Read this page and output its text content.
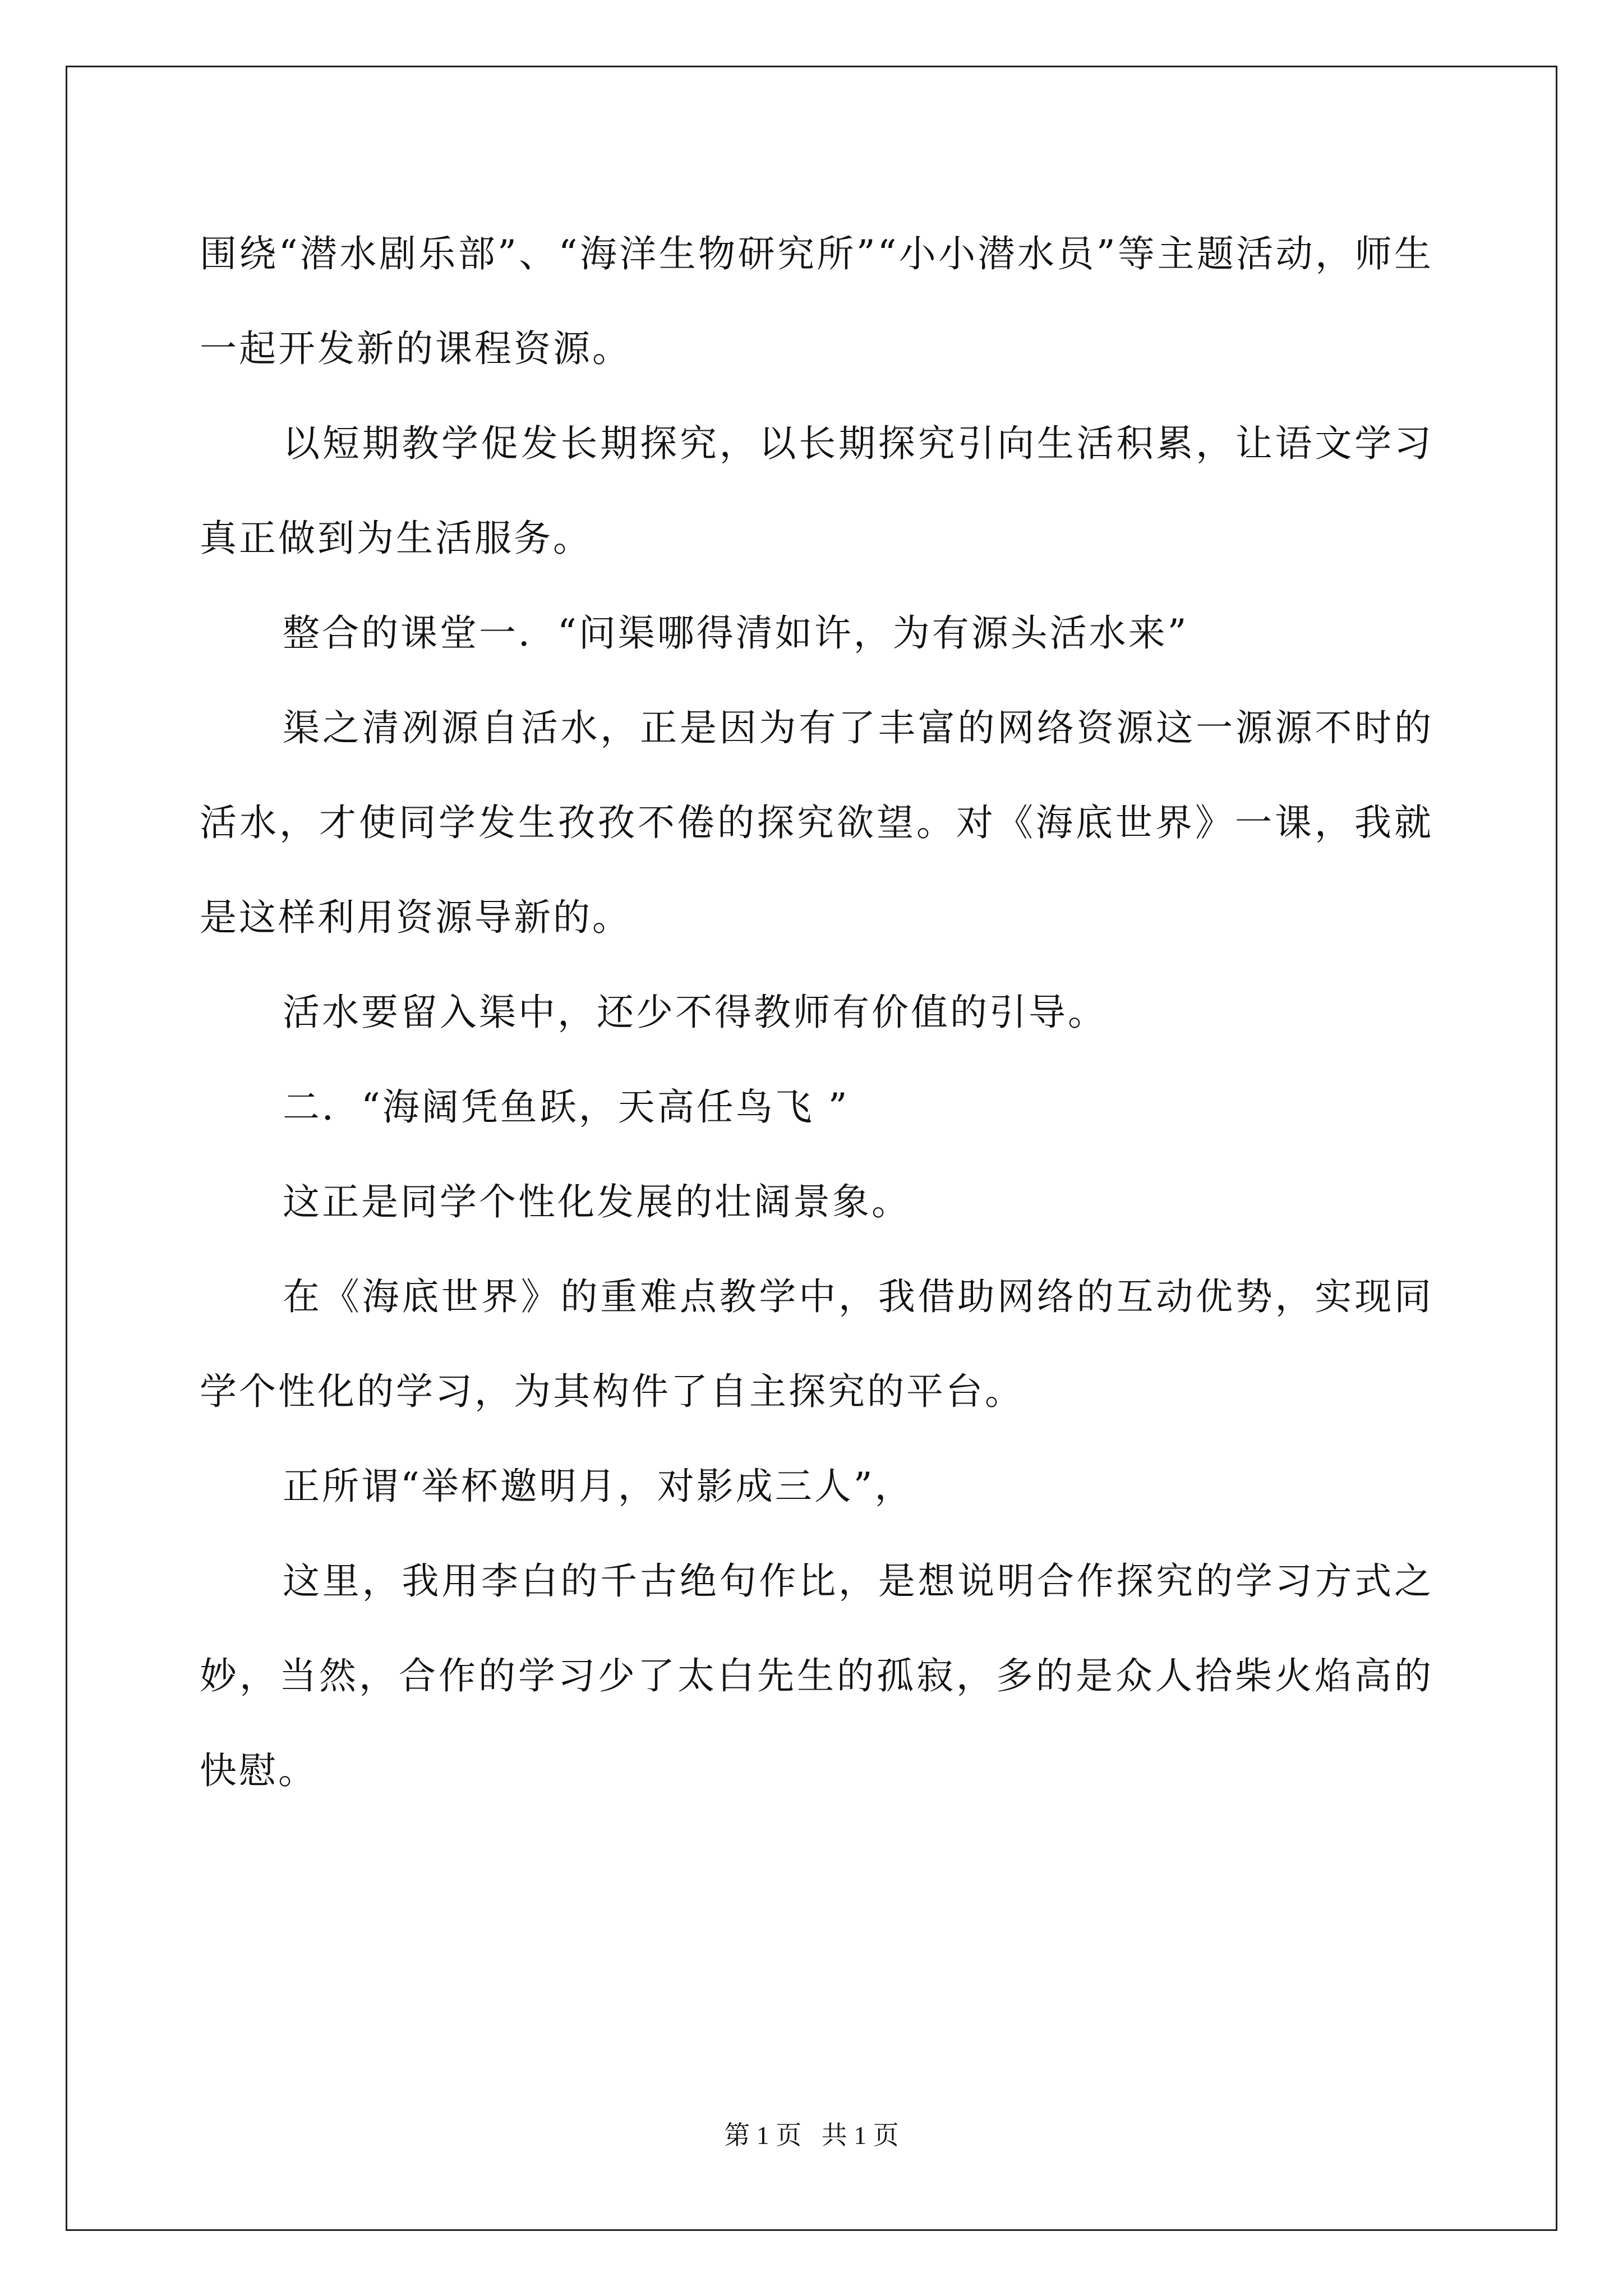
围绕“潜水剧乐部”、“海洋生物研究所”“小小潜水员”等主题活动，师生一起开发新的课程资源。

以短期教学促发长期探究，以长期探究引向生活积累，让语文学习真正做到为生活服务。

整合的课堂一．“问渠哪得清如许，为有源头活水来”

渠之清冽源自活水，正是因为有了丰富的网络资源这一源源不时的活水，才使同学发生孜孜不倦的探究欲望。对《海底世界》一课，我就是这样利用资源导新的。

活水要留入渠中，还少不得教师有价值的引导。

二．“海阔凭鱼跃，天高任鸟飞 ”

这正是同学个性化发展的壮阔景象。

在《海底世界》的重难点教学中，我借助网络的互动优势，实现同学个性化的学习，为其构件了自主探究的平台。

正所谓“举杯邀明月，对影成三人”，

这里，我用李白的千古绝句作比，是想说明合作探究的学习方式之妙，当然，合作的学习少了太白先生的孤寂，多的是众人拾柴火焰高的快慰。

第 1 页 共 1 页
